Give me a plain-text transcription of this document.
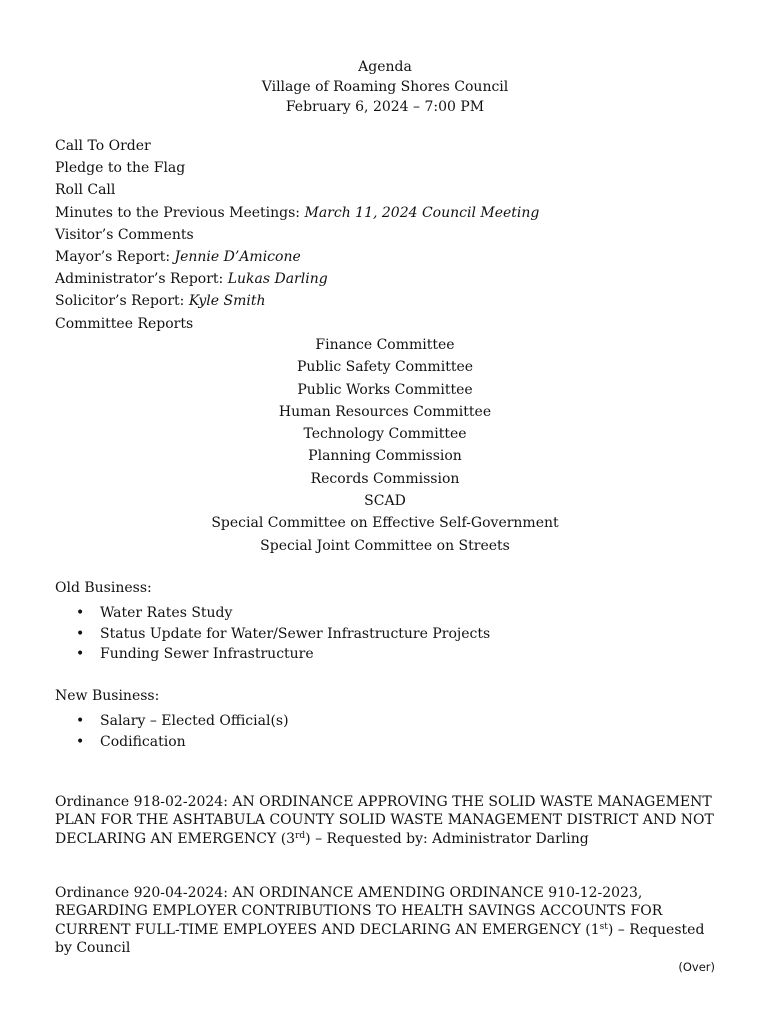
Agenda
Village of Roaming Shores Council
February 6, 2024 – 7:00 PM
Call To Order
Pledge to the Flag
Roll Call
Minutes to the Previous Meetings: March 11, 2024 Council Meeting
Visitor’s Comments
Mayor’s Report: Jennie D’Amicone
Administrator’s Report: Lukas Darling
Solicitor’s Report: Kyle Smith
Committee Reports
Finance Committee
Public Safety Committee
Public Works Committee
Human Resources Committee
Technology Committee
Planning Commission
Records Commission
SCAD
Special Committee on Effective Self-Government
Special Joint Committee on Streets
Old Business:
• Water Rates Study
• Status Update for Water/Sewer Infrastructure Projects
• Funding Sewer Infrastructure
New Business:
• Salary – Elected Official(s)
• Codification
Ordinance 918-02-2024: AN ORDINANCE APPROVING THE SOLID WASTE MANAGEMENT PLAN FOR THE ASHTABULA COUNTY SOLID WASTE MANAGEMENT DISTRICT AND NOT DECLARING AN EMERGENCY (3rd) – Requested by: Administrator Darling
Ordinance 920-04-2024: AN ORDINANCE AMENDING ORDINANCE 910-12-2023, REGARDING EMPLOYER CONTRIBUTIONS TO HEALTH SAVINGS ACCOUNTS FOR CURRENT FULL-TIME EMPLOYEES AND DECLARING AN EMERGENCY (1st) – Requested by Council
(Over)
